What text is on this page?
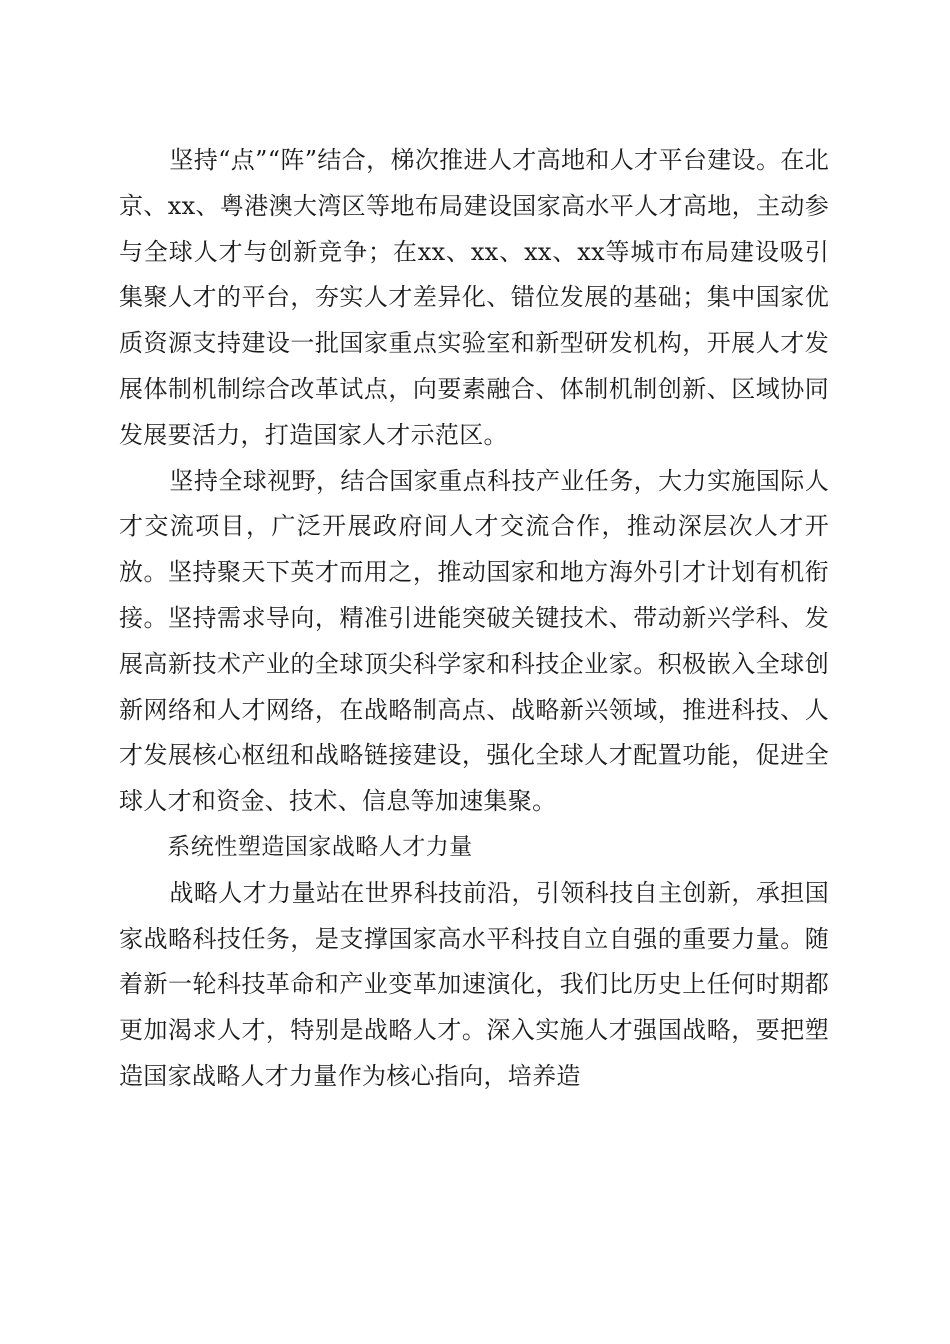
坚持“点”“阵”结合，梯次推进人才高地和人才平台建设。在北京、xx、粤港澳大湾区等地布局建设国家高水平人才高地，主动参与全球人才与创新竞争；在xx、xx、xx、xx等城市布局建设吸引集聚人才的平台，夯实人才差异化、错位发展的基础；集中国家优质资源支持建设一批国家重点实验室和新型研发机构，开展人才发展体制机制综合改革试点，向要素融合、体制机制创新、区域协同发展要活力，打造国家人才示范区。

坚持全球视野，结合国家重点科技产业任务，大力实施国际人才交流项目，广泛开展政府间人才交流合作，推动深层次人才开放。坚持聚天下英才而用之，推动国家和地方海外引才计划有机衔接。坚持需求导向，精准引进能突破关键技术、带动新兴学科、发展高新技术产业的全球顶尖科学家和科技企业家。积极嵌入全球创新网络和人才网络，在战略制高点、战略新兴领域，推进科技、人才发展核心枢纽和战略链接建设，强化全球人才配置功能，促进全球人才和资金、技术、信息等加速集聚。

系统性塑造国家战略人才力量

战略人才力量站在世界科技前沿，引领科技自主创新，承担国家战略科技任务，是支撑国家高水平科技自立自强的重要力量。随着新一轮科技革命和产业变革加速演化，我们比历史上任何时期都更加渴求人才，特别是战略人才。深入实施人才强国战略，要把塑造国家战略人才力量作为核心指向，培养造
